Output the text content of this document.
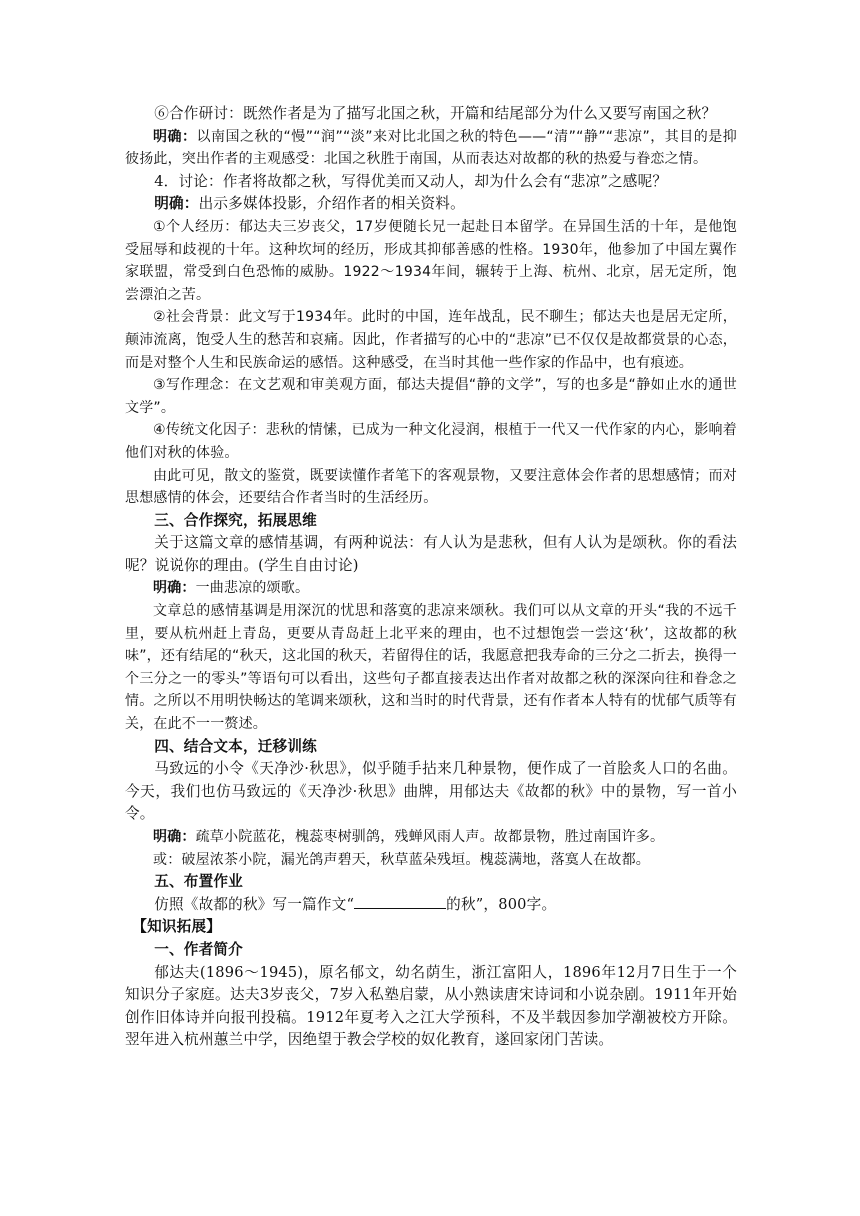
⑥合作研讨：既然作者是为了描写北国之秋，开篇和结尾部分为什么又要写南国之秋？

明确：以南国之秋的“慢”“润”“淡”来对比北国之秋的特色——“清”“静”“悲凉”，其目的是抑彼扬此，突出作者的主观感受：北国之秋胜于南国，从而表达对故都的秋的热爱与眷恋之情。

4．讨论：作者将故都之秋，写得优美而又动人，却为什么会有“悲凉”之感呢？

明确：出示多媒体投影，介绍作者的相关资料。

①个人经历：郁达夫三岁丧父，17岁便随长兄一起赴日本留学。在异国生活的十年，是他饱受屈辱和歧视的十年。这种坎坷的经历，形成其抑郁善感的性格。1930年，他参加了中国左翼作家联盟，常受到白色恐怖的威胁。1922～1934年间，辗转于上海、杭州、北京，居无定所，饱尝漂泊之苦。

②社会背景：此文写于1934年。此时的中国，连年战乱，民不聊生；郁达夫也是居无定所，颠沛流离，饱受人生的愁苦和哀痛。因此，作者描写的心中的“悲凉”已不仅仅是故都赏景的心态，而是对整个人生和民族命运的感悟。这种感受，在当时其他一些作家的作品中，也有痕迹。

③写作理念：在文艺观和审美观方面，郁达夫提倡“静的文学”，写的也多是“静如止水的通世文学”。

④传统文化因子：悲秋的情愫，已成为一种文化浸润，根植于一代又一代作家的内心，影响着他们对秋的体验。

由此可见，散文的鉴赏，既要读懂作者笔下的客观景物，又要注意体会作者的思想感情；而对思想感情的体会，还要结合作者当时的生活经历。

三、合作探究，拓展思维

关于这篇文章的感情基调，有两种说法：有人认为是悲秋，但有人认为是颂秋。你的看法呢？说说你的理由。(学生自由讨论)

明确：一曲悲凉的颂歌。

文章总的感情基调是用深沉的忧思和落寞的悲凉来颂秋。我们可以从文章的开头“我的不远千里，要从杭州赶上青岛，更要从青岛赶上北平来的理由，也不过想饱尝一尝这‘秋’，这故都的秋味”，还有结尾的“秋天，这北国的秋天，若留得住的话，我愿意把我寿命的三分之二折去，换得一个三分之一的零头”等语句可以看出，这些句子都直接表达出作者对故都之秋的深深向往和眷念之情。之所以不用明快畅达的笔调来颂秋，这和当时的时代背景，还有作者本人特有的忧郁气质等有关，在此不一一赘述。

四、结合文本，迁移训练

马致远的小令《天净沙·秋思》，似乎随手拈来几种景物，便作成了一首脍炙人口的名曲。今天，我们也仿马致远的《天净沙·秋思》曲牌，用郁达夫《故都的秋》中的景物，写一首小令。

明确：疏草小院蓝花，槐蕊枣树驯鸽，残蝉风雨人声。故都景物，胜过南国许多。

或：破屋浓茶小院，漏光鸽声碧天，秋草蓝朵残垣。槐蕊满地，落寞人在故都。

五、布置作业

仿照《故都的秋》写一篇作文“	的秋”，800字。

【知识拓展】

一、作者简介

郁达夫(1896～1945)，原名郁文，幼名荫生，浙江富阳人，1896年12月7日生于一个知识分子家庭。达夫3岁丧父，7岁入私塾启蒙，从小熟读唐宋诗词和小说杂剧。1911年开始创作旧体诗并向报刊投稿。1912年夏考入之江大学预科，不及半载因参加学潮被校方开除。翌年进入杭州蕙兰中学，因绝望于教会学校的奴化教育，遂回家闭门苦读。
